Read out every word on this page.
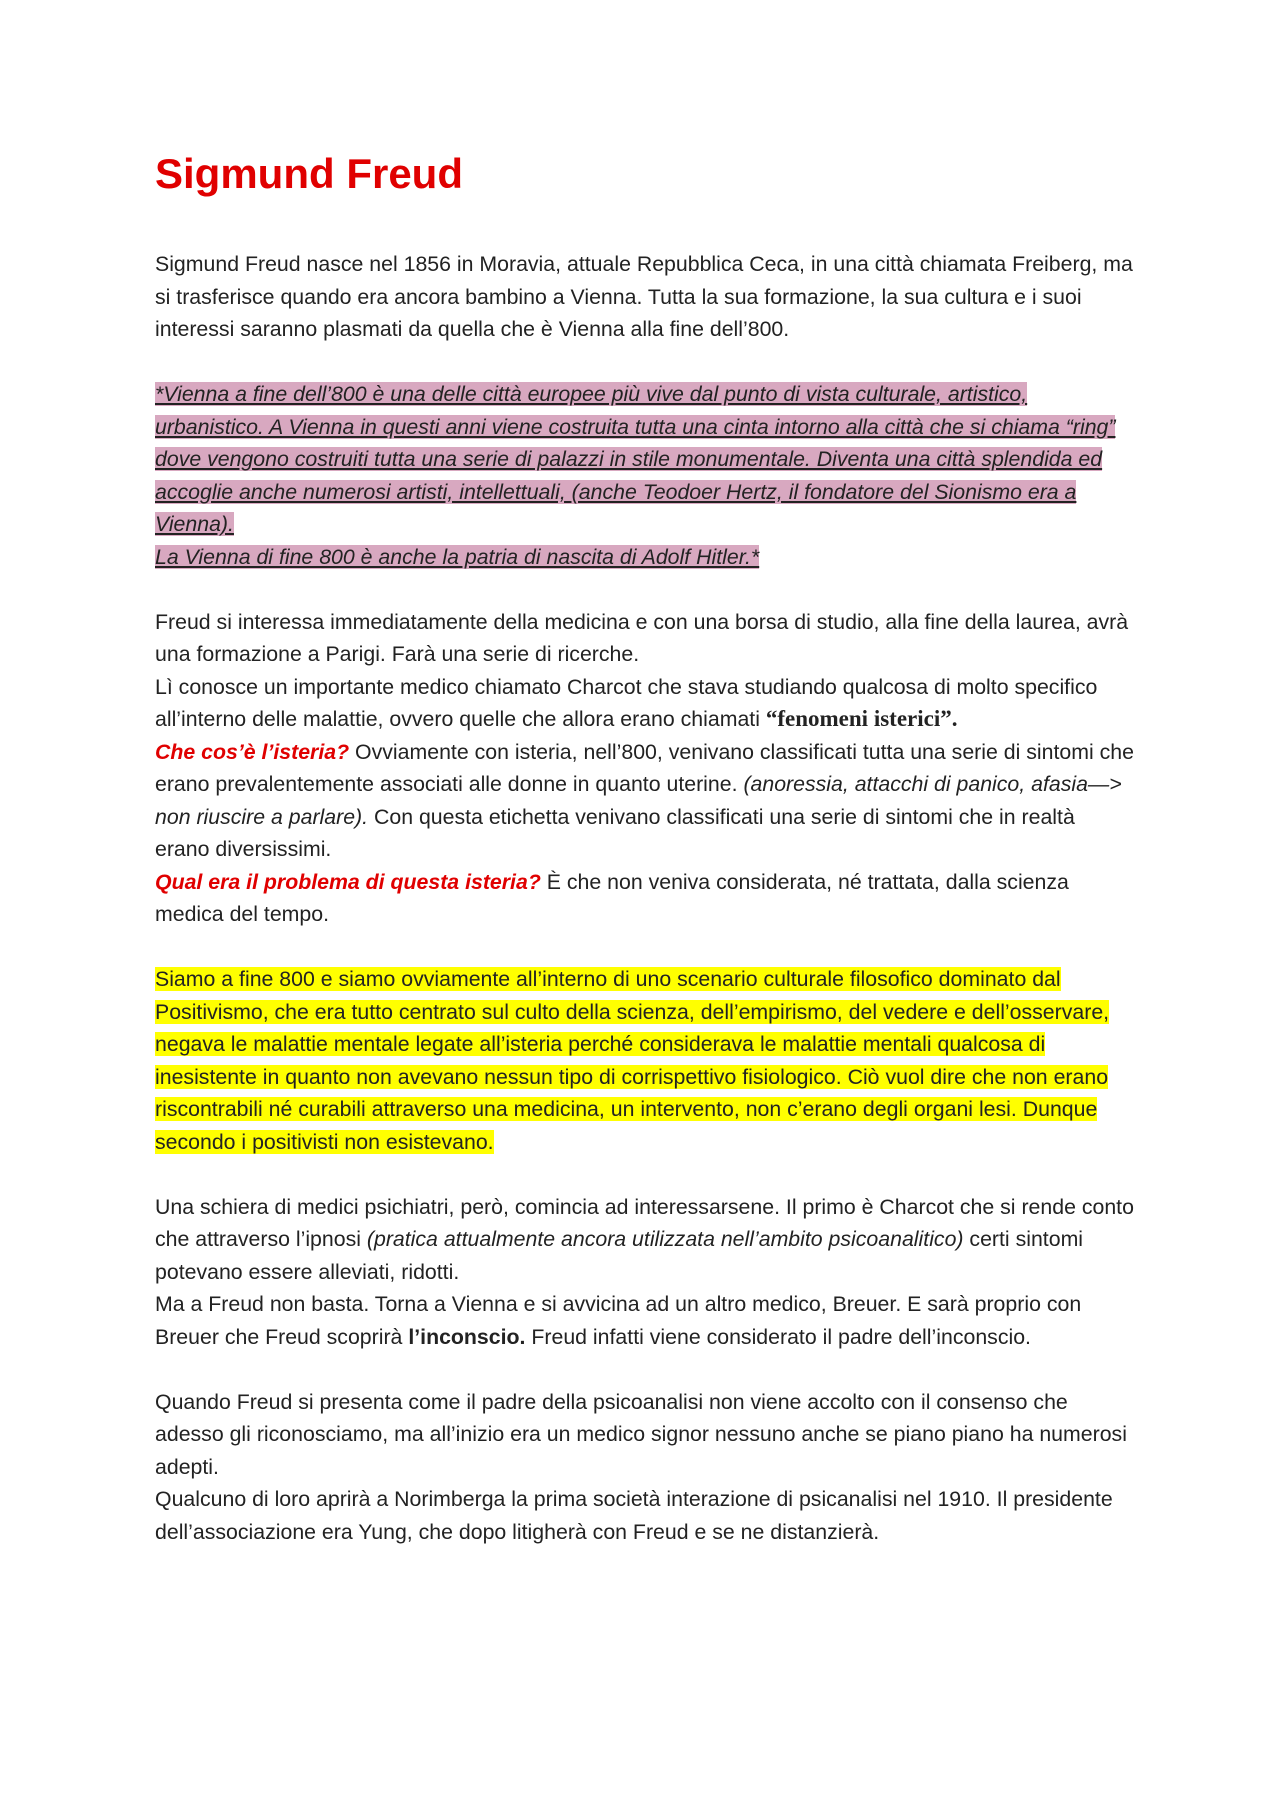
Sigmund Freud

Sigmund Freud nasce nel 1856 in Moravia, attuale Repubblica Ceca, in una città chiamata Freiberg, ma si trasferisce quando era ancora bambino a Vienna. Tutta la sua formazione, la sua cultura e i suoi interessi saranno plasmati da quella che è Vienna alla fine dell’800.

*Vienna a fine dell’800 è una delle città europee più vive dal punto di vista culturale, artistico, urbanistico. A Vienna in questi anni viene costruita tutta una cinta intorno alla città che si chiama “ring” dove vengono costruiti tutta una serie di palazzi in stile monumentale. Diventa una città splendida ed accoglie anche numerosi artisti, intellettuali, (anche Teodoer Hertz, il fondatore del Sionismo era a Vienna).
La Vienna di fine 800 è anche la patria di nascita di Adolf Hitler.*

Freud si interessa immediatamente della medicina e con una borsa di studio, alla fine della laurea, avrà una formazione a Parigi. Farà una serie di ricerche.

Lì conosce un importante medico chiamato Charcot che stava studiando qualcosa di molto specifico all’interno delle malattie, ovvero quelle che allora erano chiamati “fenomeni isterici”.

Che cos’è l’isteria? Ovviamente con isteria, nell’800, venivano classificati tutta una serie di sintomi che erano prevalentemente associati alle donne in quanto uterine. (anoressia, attacchi di panico, afasia—> non riuscire a parlare). Con questa etichetta venivano classificati una serie di sintomi che in realtà erano diversissimi.

Qual era il problema di questa isteria? È che non veniva considerata, né trattata, dalla scienza medica del tempo.

Siamo a fine 800 e siamo ovviamente all’interno di uno scenario culturale filosofico dominato dal Positivismo, che era tutto centrato sul culto della scienza, dell’empirismo, del vedere e dell’osservare, negava le malattie mentale legate all’isteria perché considerava le malattie mentali qualcosa di inesistente in quanto non avevano nessun tipo di corrispettivo fisiologico. Ciò vuol dire che non erano riscontrabili né curabili attraverso una medicina, un intervento, non c’erano degli organi lesi. Dunque secondo i positivisti non esistevano.

Una schiera di medici psichiatri, però, comincia ad interessarsene. Il primo è Charcot che si rende conto che attraverso l’ipnosi (pratica attualmente ancora utilizzata nell’ambito psicoanalitico) certi sintomi potevano essere alleviati, ridotti.

Ma a Freud non basta. Torna a Vienna e si avvicina ad un altro medico, Breuer. E sarà proprio con Breuer che Freud scoprirà l’inconscio. Freud infatti viene considerato il padre dell’inconscio.

Quando Freud si presenta come il padre della psicoanalisi non viene accolto con il consenso che adesso gli riconosciamo, ma all’inizio era un medico signor nessuno anche se piano piano ha numerosi adepti.

Qualcuno di loro aprirà a Norimberga la prima società interazione di psicanalisi nel 1910. Il presidente dell’associazione era Yung, che dopo litigherà con Freud e se ne distanzierà.
